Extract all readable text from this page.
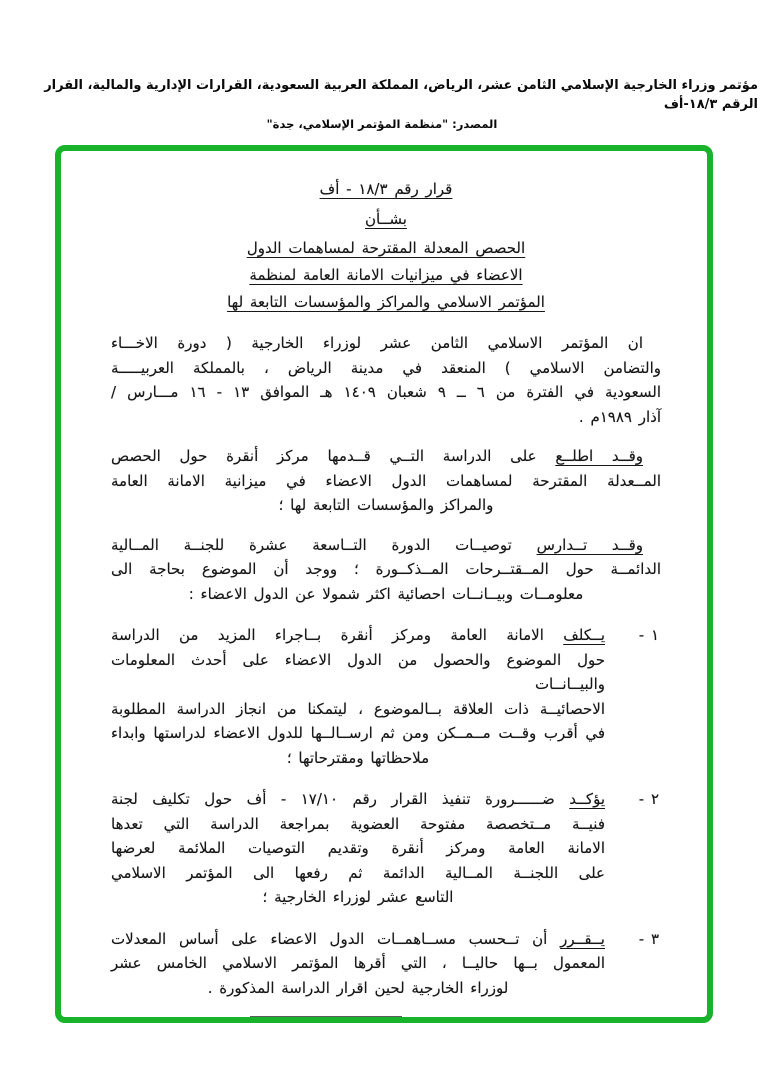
مؤتمر وزراء الخارجية الإسلامي الثامن عشر، الرياض، المملكة العربية السعودية، القرارات الإدارية والمالية، القرار الرقم ١٨/٣-أف
المصدر: "منظمة المؤتمر الإسلامي، جدة"
قرار رقم ١٨/٣ - أف
بشــأن
الحصص المعدلة المقترحة لمساهمات الدول
الاعضاء في ميزانيات الامانة العامة لمنظمة
المؤتمر الاسلامي والمراكز والمؤسسات التابعة لها
ان المؤتمر الاسلامي الثامن عشر لوزراء الخارجية ( دورة الاخـــاء
والتضامن الاسلامي ) المنعقد في مدينة الرياض ، بالمملكة العربيـــــة
السعودية في الفترة من ٦ ــ ٩ شعبان ١٤٠٩ هـ الموافق ١٣ - ١٦ مـــارس /
آذار ١٩٨٩م .
وقــد اطلــع على الدراسة التــي قــدمها مركز أنقرة حول الحصص
المــعدلة المقترحة لمساهمات الدول الاعضاء في ميزانية الامانة العامة
والمراكز والمؤسسات التابعة لها ؛
وقــد تــدارس توصيــات الدورة التــاسعة عشرة للجنــة المــالية
الدائمــة حول المــقتــرحات المــذكــورة ؛ ووجد أن الموضوع بحاجة الى
معلومــات وبيــانــات احصائية اكثر شمولا عن الدول الاعضاء :
١ -
يــكلف الامانة العامة ومركز أنقرة بــاجراء المزيد من الدراسة
حول الموضوع والحصول من الدول الاعضاء على أحدث المعلومات والبيــانــات
الاحصائيــة ذات العلاقة بــالموضوع ، ليتمكنا من انجاز الدراسة المطلوبة
في أقرب وقــت مــمــكن ومن ثم ارســالــها للدول الاعضاء لدراستها وابداء
ملاحظاتها ومقترحاتها ؛
٢ -
يؤكــد ضــــــرورة تنفيذ القرار رقم ١٧/١٠ - أف حول تكليف لجنة
فنيــة مــتخصصة مفتوحة العضوية بمراجعة الدراسة التي تعدها
الامانة العامة ومركز أنقرة وتقديم التوصيات الملائمة لعرضها
على اللجنــة المــالية الدائمة ثم رفعها الى المؤتمر الاسلامي
التاسع عشر لوزراء الخارجية ؛
٣ -
يــقــرر أن تــحسب مســاهمــات الدول الاعضاء على أساس المعدلات
المعمول بــها حاليــا ، التي أقرها المؤتمر الاسلامي الخامس عشر
لوزراء الخارجية لحين اقرار الدراسة المذكورة .
